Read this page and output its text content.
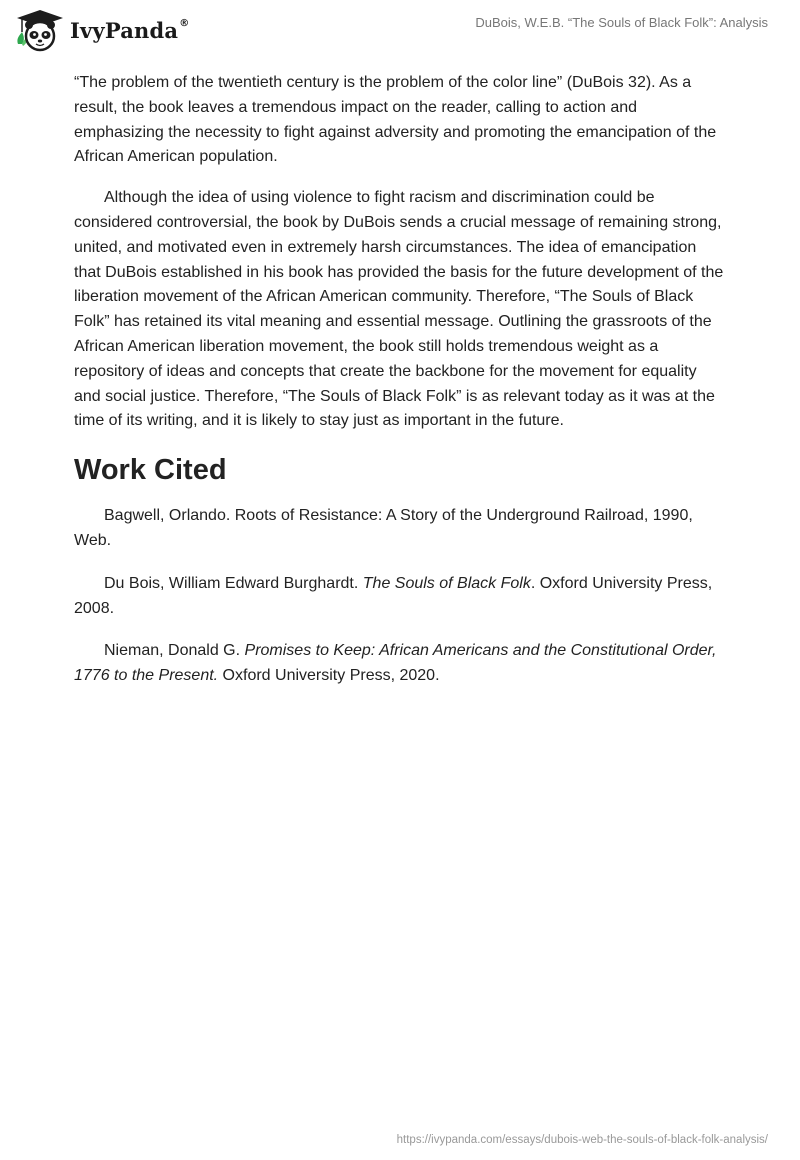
IvyPanda®	DuBois, W.E.B. “The Souls of Black Folk”: Analysis

“The problem of the twentieth century is the problem of the color line” (DuBois 32). As a result, the book leaves a tremendous impact on the reader, calling to action and emphasizing the necessity to fight against adversity and promoting the emancipation of the African American population.

Although the idea of using violence to fight racism and discrimination could be considered controversial, the book by DuBois sends a crucial message of remaining strong, united, and motivated even in extremely harsh circumstances. The idea of emancipation that DuBois established in his book has provided the basis for the future development of the liberation movement of the African American community. Therefore, “The Souls of Black Folk” has retained its vital meaning and essential message. Outlining the grassroots of the African American liberation movement, the book still holds tremendous weight as a repository of ideas and concepts that create the backbone for the movement for equality and social justice. Therefore, “The Souls of Black Folk” is as relevant today as it was at the time of its writing, and it is likely to stay just as important in the future.

Work Cited

Bagwell, Orlando. Roots of Resistance: A Story of the Underground Railroad, 1990, Web.

Du Bois, William Edward Burghardt. The Souls of Black Folk. Oxford University Press, 2008.

Nieman, Donald G. Promises to Keep: African Americans and the Constitutional Order, 1776 to the Present. Oxford University Press, 2020.

https://ivypanda.com/essays/dubois-web-the-souls-of-black-folk-analysis/
